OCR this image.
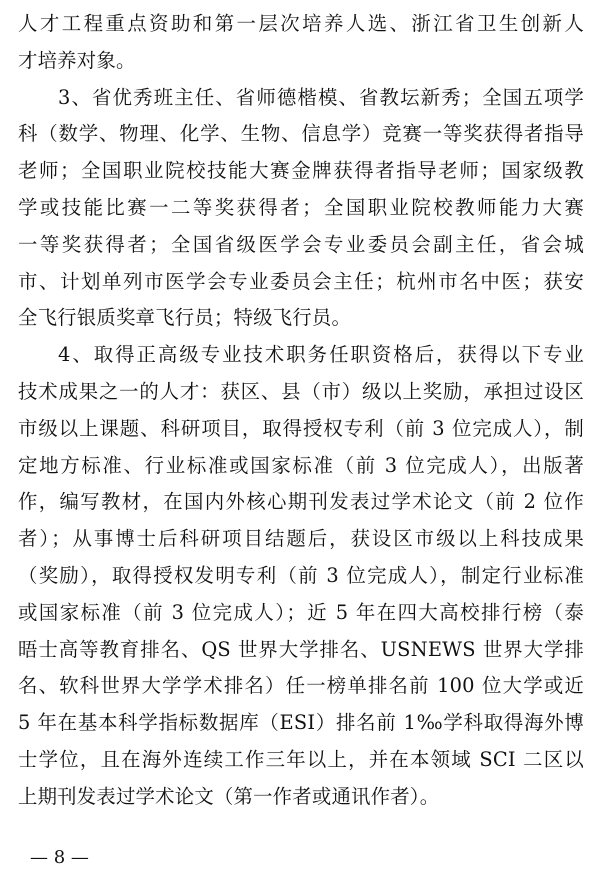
人才工程重点资助和第一层次培养人选、浙江省卫生创新人
才培养对象。
3、省优秀班主任、省师德楷模、省教坛新秀；全国五项学
科（数学、物理、化学、生物、信息学）竞赛一等奖获得者指导
老师；全国职业院校技能大赛金牌获得者指导老师；国家级教
学或技能比赛一二等奖获得者；全国职业院校教师能力大赛
一等奖获得者；全国省级医学会专业委员会副主任，省会城
市、计划单列市医学会专业委员会主任；杭州市名中医；获安
全飞行银质奖章飞行员；特级飞行员。
4、取得正高级专业技术职务任职资格后，获得以下专业
技术成果之一的人才：获区、县（市）级以上奖励，承担过设区
市级以上课题、科研项目，取得授权专利（前 3 位完成人），制
定地方标准、行业标准或国家标准（前 3 位完成人），出版著
作，编写教材，在国内外核心期刊发表过学术论文（前 2 位作
者）；从事博士后科研项目结题后，获设区市级以上科技成果
（奖励），取得授权发明专利（前 3 位完成人），制定行业标准
或国家标准（前 3 位完成人）；近 5 年在四大高校排行榜（泰
晤士高等教育排名、QS 世界大学排名、USNEWS 世界大学排
名、软科世界大学学术排名）任一榜单排名前 100 位大学或近
5 年在基本科学指标数据库（ESI）排名前 1‰学科取得海外博
士学位，且在海外连续工作三年以上，并在本领域 SCI 二区以
上期刊发表过学术论文（第一作者或通讯作者）。
— 8 —
